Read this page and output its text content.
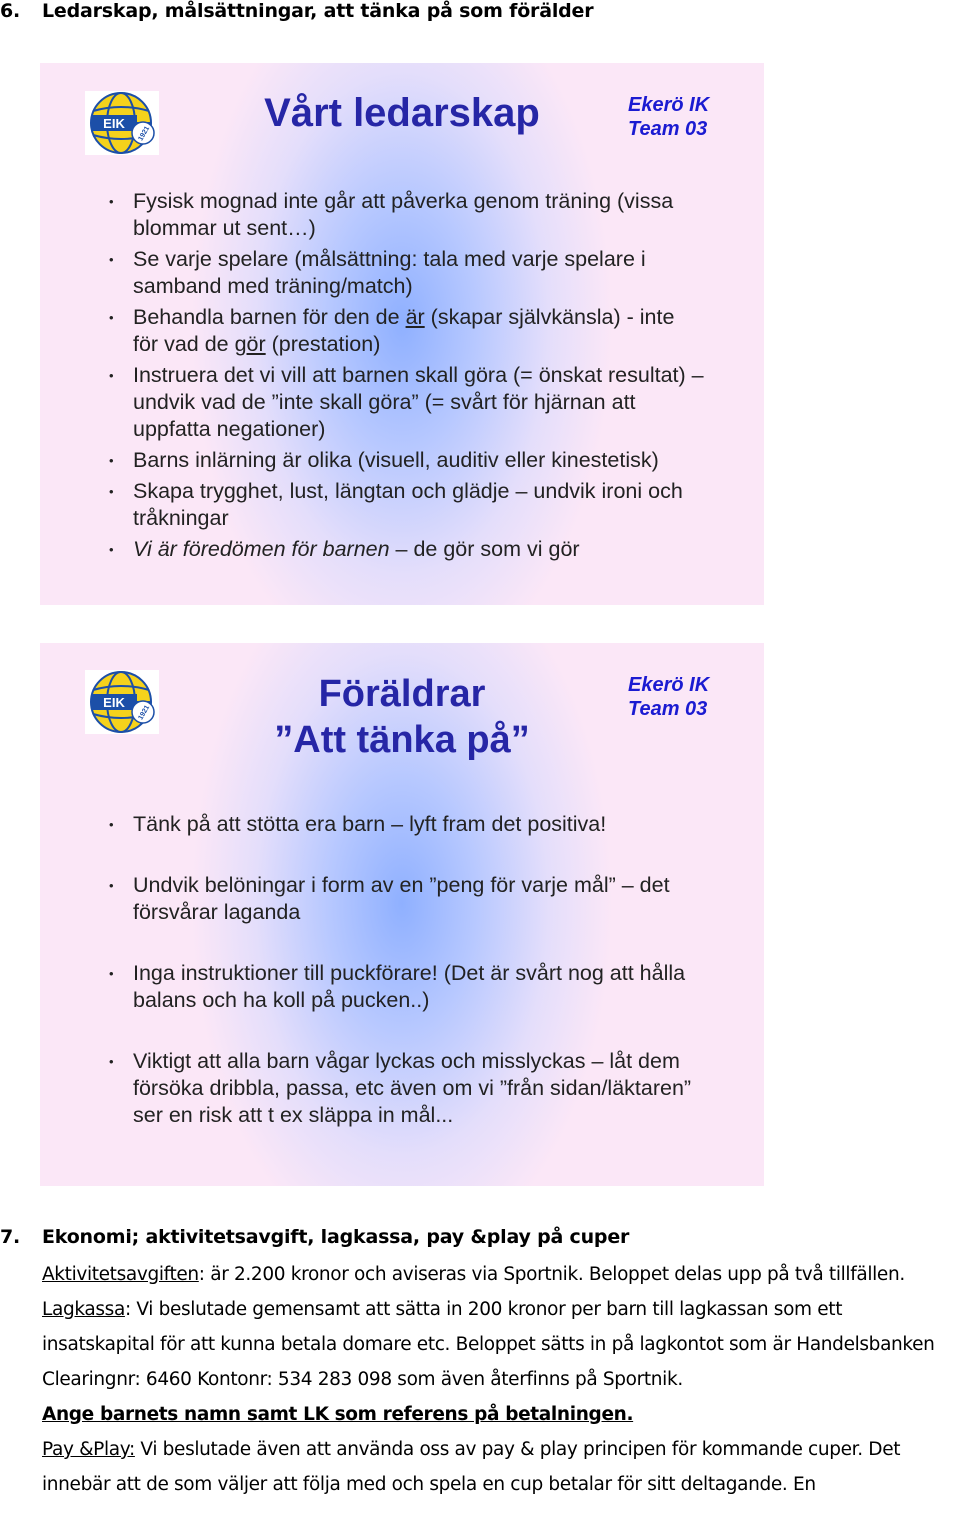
6. Ledarskap, målsättningar, att tänka på som förälder
EIK
1921	Vårt ledarskap	Ekerö IK
Team 03
• Fysisk mognad inte går att påverka genom träning (vissa blommar ut sent…)
• Se varje spelare (målsättning: tala med varje spelare i samband med träning/match)
• Behandla barnen för den de är (skapar självkänsla) - inte för vad de gör (prestation)
• Instruera det vi vill att barnen skall göra (= önskat resultat) – undvik vad de ”inte skall göra” (= svårt för hjärnan att uppfatta negationer)
• Barns inlärning är olika (visuell, auditiv eller kinestetisk)
• Skapa trygghet, lust, längtan och glädje – undvik ironi och tråkningar
• Vi är föredömen för barnen – de gör som vi gör
EIK
1921	Föräldrar
”Att tänka på”
Ekerö IK
Team 03
• Tänk på att stötta era barn – lyft fram det positiva!
• Undvik belöningar i form av en ”peng för varje mål” – det försvårar laganda
• Inga instruktioner till puckförare! (Det är svårt nog att hålla balans och ha koll på pucken..)
• Viktigt att alla barn vågar lyckas och misslyckas – låt dem försöka dribbla, passa, etc även om vi ”från sidan/läktaren” ser en risk att t ex släppa in mål...
7. Ekonomi; aktivitetsavgift, lagkassa, pay &play på cuper

Aktivitetsavgiften: är 2.200 kronor och aviseras via Sportnik. Beloppet delas upp på två tillfällen.

Lagkassa: Vi beslutade gemensamt att sätta in 200 kronor per barn till lagkassan som ett insatskapital för att kunna betala domare etc. Beloppet sätts in på lagkontot som är Handelsbanken Clearingnr: 6460 Kontonr: 534 283 098 som även återfinns på Sportnik.

Ange barnets namn samt LK som referens på betalningen.

Pay &Play: Vi beslutade även att använda oss av pay & play principen för kommande cuper. Det innebär att de som väljer att följa med och spela en cup betalar för sitt deltagande. En
